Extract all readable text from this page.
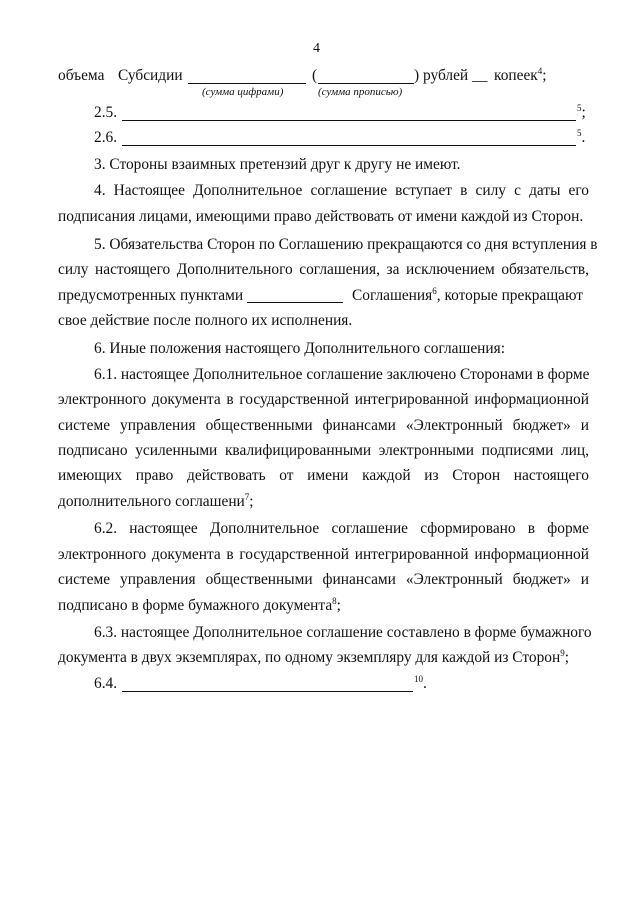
4
объема Субсидии	(	) рублей __ копеек$^4$;
(сумма цифрами)	(сумма прописью)
2.5.	$^5$;
2.6.	$^5$.
3. Стороны взаимных претензий друг к другу не имеют.
4. Настоящее Дополнительное соглашение вступает в силу с даты его
подписания лицами, имеющими право действовать от имени каждой из Сторон.
5. Обязательства Сторон по Соглашению прекращаются со дня вступления в
силу настоящего Дополнительного соглашения, за исключением обязательств,
предусмотренных пунктами	Соглашения$^6$, которые прекращают
свое действие после полного их исполнения.
6. Иные положения настоящего Дополнительного соглашения:
6.1. настоящее Дополнительное соглашение заключено Сторонами в форме
электронного документа в государственной интегрированной информационной
системе управления общественными финансами «Электронный бюджет» и
подписано усиленными квалифицированными электронными подписями лиц,
имеющих право действовать от имени каждой из Сторон настоящего
дополнительного соглашени$^7$;
6.2. настоящее Дополнительное соглашение сформировано в форме
электронного документа в государственной интегрированной информационной
системе управления общественными финансами «Электронный бюджет» и
подписано в форме бумажного документа$^8$;
6.3. настоящее Дополнительное соглашение составлено в форме бумажного
документа в двух экземплярах, по одному экземпляру для каждой из Сторон$^9$;
6.4.	$^{10}$.
